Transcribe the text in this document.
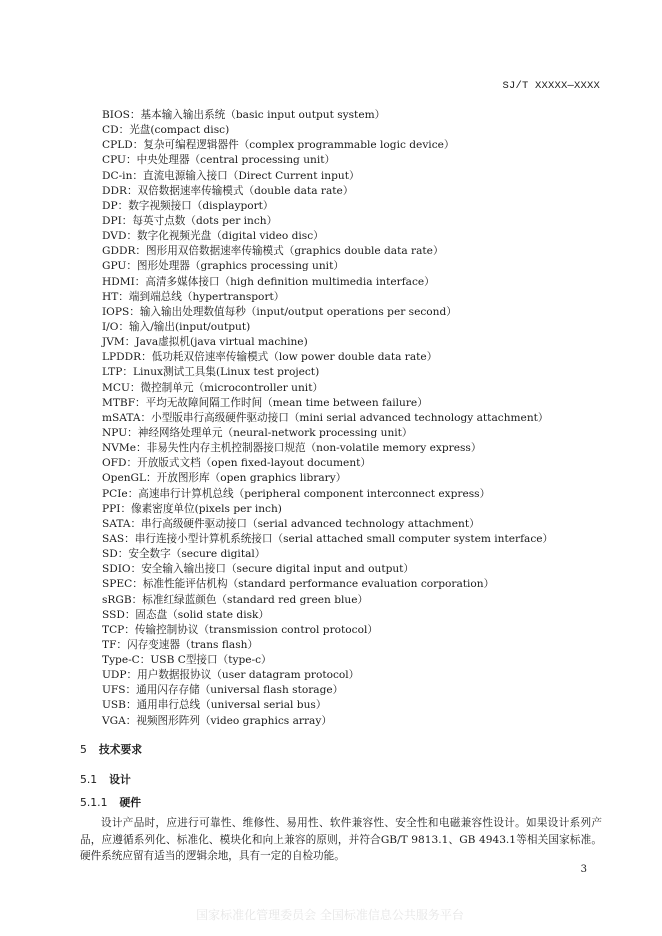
SJ/T XXXXX—XXXX
BIOS：基本输入输出系统（basic input output system）
CD：光盘(compact disc)
CPLD：复杂可编程逻辑器件（complex programmable logic device）
CPU：中央处理器（central processing unit）
DC-in：直流电源输入接口（Direct Current input）
DDR：双倍数据速率传输模式（double data rate）
DP：数字视频接口（displayport）
DPI：每英寸点数（dots per inch）
DVD：数字化视频光盘（digital video disc）
GDDR：图形用双倍数据速率传输模式（graphics double data rate）
GPU：图形处理器（graphics processing unit）
HDMI：高清多媒体接口（high definition multimedia interface）
HT：端到端总线（hypertransport）
IOPS：输入输出处理数值每秒（input/output operations per second）
I/O：输入/输出(input/output)
JVM：Java虚拟机(java virtual machine)
LPDDR：低功耗双倍速率传输模式（low power double data rate）
LTP：Linux测试工具集(Linux test project)
MCU：微控制单元（microcontroller unit）
MTBF：平均无故障间隔工作时间（mean time between failure）
mSATA：小型版串行高级硬件驱动接口（mini serial advanced technology attachment）
NPU：神经网络处理单元（neural-network processing unit）
NVMe：非易失性内存主机控制器接口规范（non-volatile memory express）
OFD：开放版式文档（open fixed-layout document）
OpenGL：开放图形库（open graphics library）
PCIe：高速串行计算机总线（peripheral component interconnect express）
PPI：像素密度单位(pixels per inch)
SATA：串行高级硬件驱动接口（serial advanced technology attachment）
SAS：串行连接小型计算机系统接口（serial attached small computer system interface）
SD：安全数字（secure digital）
SDIO：安全输入输出接口（secure digital input and output）
SPEC：标准性能评估机构（standard performance evaluation corporation）
sRGB：标准红绿蓝颜色（standard red green blue）
SSD：固态盘（solid state disk）
TCP：传输控制协议（transmission control protocol）
TF：闪存变速器（trans flash）
Type-C：USB C型接口（type-c）
UDP：用户数据报协议（user datagram protocol）
UFS：通用闪存存储（universal flash storage）
USB：通用串行总线（universal serial bus）
VGA：视频图形阵列（video graphics array）
5 技术要求
5.1 设计
5.1.1 硬件

设计产品时，应进行可靠性、维修性、易用性、软件兼容性、安全性和电磁兼容性设计。如果设计系列产品，应遵循系列化、标准化、模块化和向上兼容的原则，并符合GB/T 9813.1、GB 4943.1等相关国家标准。硬件系统应留有适当的逻辑余地，具有一定的自检功能。

3
国家标准化管理委员会 全国标准信息公共服务平台
